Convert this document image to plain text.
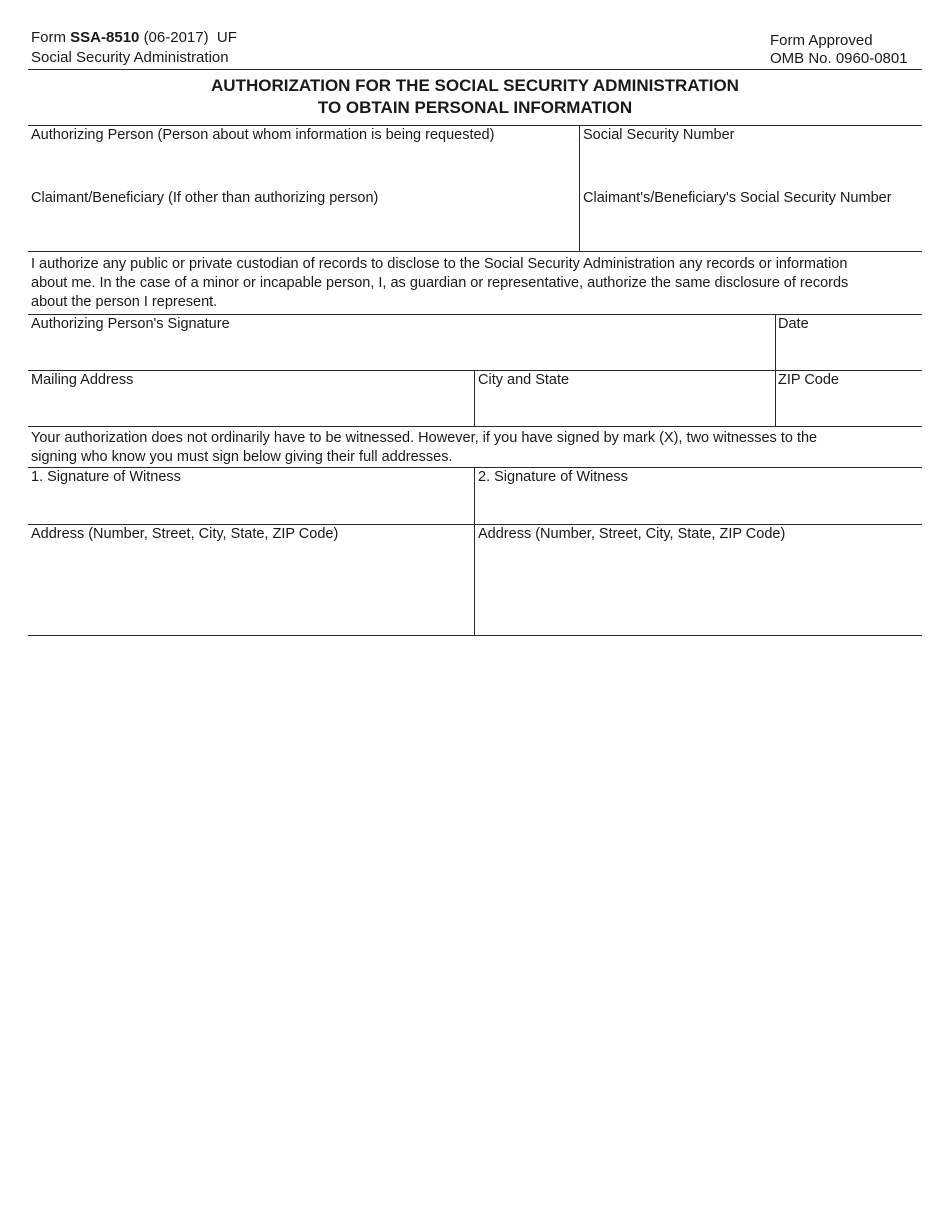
Form SSA-8510 (06-2017)  UF
Social Security Administration
Form Approved
OMB No. 0960-0801
AUTHORIZATION FOR THE SOCIAL SECURITY ADMINISTRATION
TO OBTAIN PERSONAL INFORMATION
Authorizing Person (Person about whom information is being requested)	Social Security Number
Claimant/Beneficiary (If other than authorizing person)	Claimant's/Beneficiary's Social Security Number
I authorize any public or private custodian of records to disclose to the Social Security Administration any records or information
about me. In the case of a minor or incapable person, I, as guardian or representative, authorize the same disclosure of records
about the person I represent.
Authorizing Person's Signature	Date
Mailing Address	City and State	ZIP Code
Your authorization does not ordinarily have to be witnessed. However, if you have signed by mark (X), two witnesses to the
signing who know you must sign below giving their full addresses.
1. Signature of Witness	2. Signature of Witness
Address (Number, Street, City, State, ZIP Code)	Address (Number, Street, City, State, ZIP Code)
